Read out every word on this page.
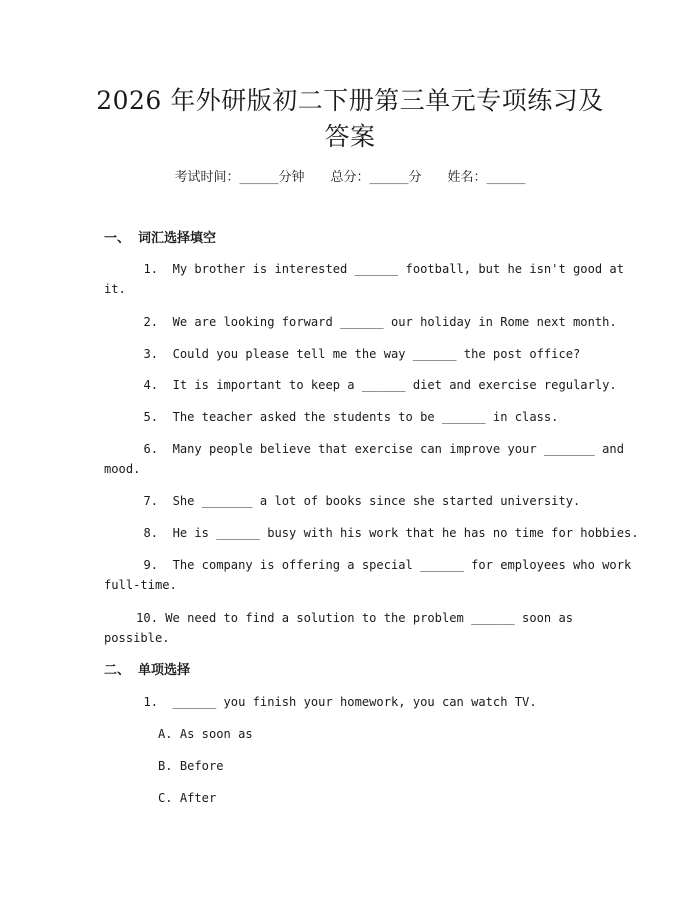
2026 年外研版初二下册第三单元专项练习及
答案
考试时间：______分钟 总分：______分 姓名：______
一、 词汇选择填空
1. My brother is interested ______ football, but he isn't good at
it.
2. We are looking forward ______ our holiday in Rome next month.
3. Could you please tell me the way ______ the post office?
4. It is important to keep a ______ diet and exercise regularly.
5. The teacher asked the students to be ______ in class.
6. Many people believe that exercise can improve your _______ and
mood.
7. She _______ a lot of books since she started university.
8. He is ______ busy with his work that he has no time for hobbies.
9. The company is offering a special ______ for employees who work
full-time.
10. We need to find a solution to the problem ______ soon as
possible.
二、 单项选择
1. ______ you finish your homework, you can watch TV.
A. As soon as
B. Before
C. After
